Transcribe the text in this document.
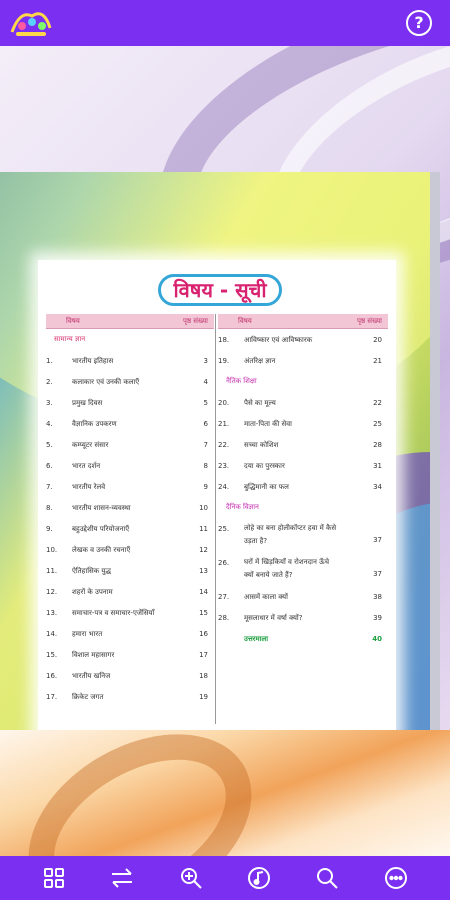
?
विषय - सूची
विषय	पृष्ठ संख्या
सामान्य ज्ञान
1.	भारतीय इतिहास	3
2.	कलाकार एवं उनकी कलाएँ	4
3.	प्रमुख दिवस	5
4.	वैज्ञानिक उपकरण	6
5.	कम्प्यूटर संसार	7
6.	भारत दर्शन	8
7.	भारतीय रेलवे	9
8.	भारतीय शासन-व्यवस्था	10
9.	बहुउद्देशीय परियोजनाएँ	11
10. लेखक व उनकी रचनाएँ	12
11. ऐतिहासिक युद्ध	13
12. शहरों के उपनाम	14
13. समाचार-पत्र व समाचार-एजेंसियाँ	15
14. हमारा भारत	16
15. विशाल महासागर	17
16. भारतीय खनिज	18
17. क्रिकेट जगत	19
विषय	पृष्ठ संख्या
18. आविष्कार एवं आविष्कारक	20
19. अंतरिक्ष ज्ञान	21
नैतिक शिक्षा
20. पैसे का मूल्य	22
21. माता-पिता की सेवा	25
22. सच्चा कोशिश	28
23. दया का पुरस्कार	31
24. बुद्धिमानी का फल	34
दैनिक विज्ञान
25. लोहे का बना होलीकॉप्टर हवा में कैसे उड़ता है?	37
26. घरों में खिड़कियाँ व रोशनदान ऊँचे क्यों बनाये जाते हैं?	37
27. आसमें काला क्यों	38
28. मूसलाधार में वर्षा क्यों?	39
उत्तरमाला	40
